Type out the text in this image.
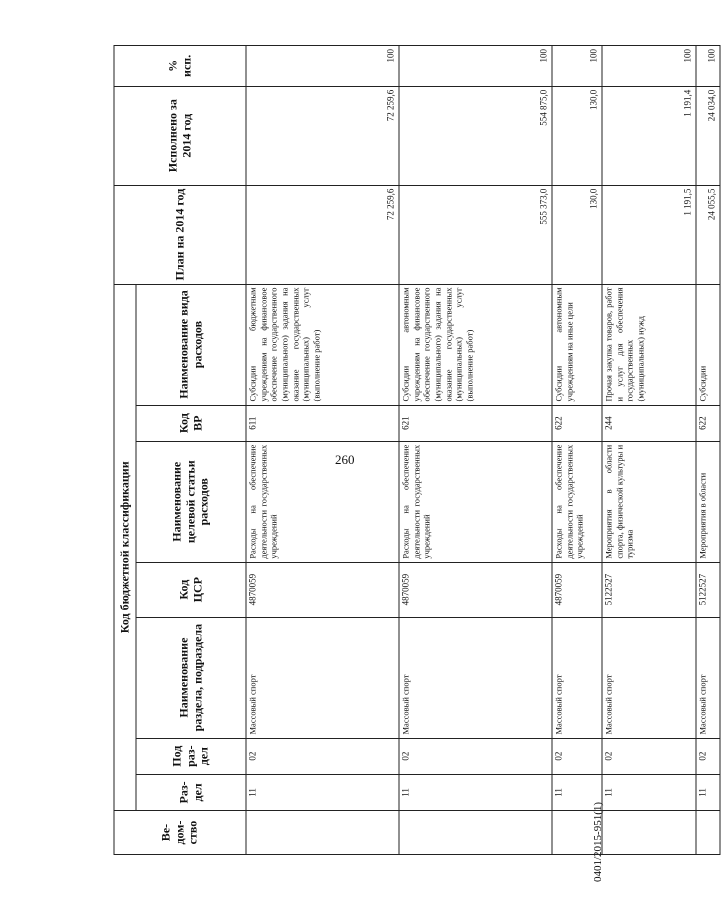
260
0401/2015-951(1)
Ве-дом-ство	Код бюджетной классификации							План на 2014 год	Исполнено за 2014 год	% исп.
	Раз-дел	Под раз-дел	Наименование раздела, подраздела	Код ЦСР	Наименование целевой статьи расходов	Код ВР	Наименование вида расходов			
	11	02	Массовый спорт	4870059	Расходы на обеспечение деятельности государственных учреждений	611	Субсидии бюджетным учреждениям на финансовое обеспечение государственного (муниципального) задания на оказание государственных (муниципальных) услуг (выполнение работ)	72 259,6	72 259,6	100
	11	02	Массовый спорт	4870059	Расходы на обеспечение деятельности государственных учреждений	621	Субсидии автономным учреждениям на финансовое обеспечение государственного (муниципального) задания на оказание государственных (муниципальных) услуг (выполнение работ)	555 373,0	554 875,0	100
	11	02	Массовый спорт	4870059	Расходы на обеспечение деятельности государственных учреждений	622	Субсидии автономным учреждениям на иные цели	130,0	130,0	100
	11	02	Массовый спорт	5122527	Мероприятия в области спорта, физической культуры и туризма	244	Прочая закупка товаров, работ и услуг для обеспечения государственных (муниципальных) нужд	1 191,5	1 191,4	100
	11	02	Массовый спорт	5122527	Мероприятия в области	622	Субсидии	24 055,5	24 034,0	100
